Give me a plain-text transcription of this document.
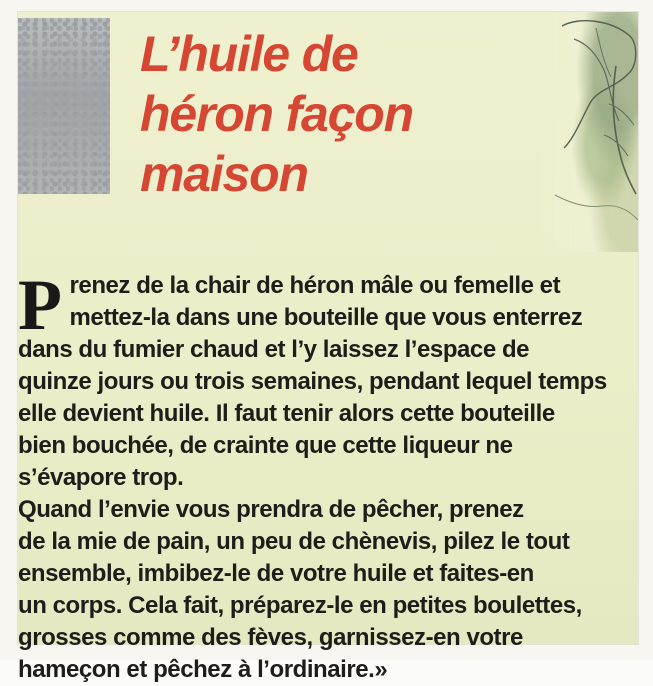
L’huile de
héron façon
maison

Prenez de la chair de héron mâle ou femelle et
mettez-la dans une bouteille que vous enterrez
dans du fumier chaud et l’y laissez l’espace de
quinze jours ou trois semaines, pendant lequel temps
elle devient huile. Il faut tenir alors cette bouteille
bien bouchée, de crainte que cette liqueur ne
s’évapore trop.

Quand l’envie vous prendra de pêcher, prenez
de la mie de pain, un peu de chènevis, pilez le tout
ensemble, imbibez-le de votre huile et faites-en
un corps. Cela fait, préparez-le en petites boulettes,
grosses comme des fèves, garnissez-en votre
hameçon et pêchez à l’ordinaire.»
